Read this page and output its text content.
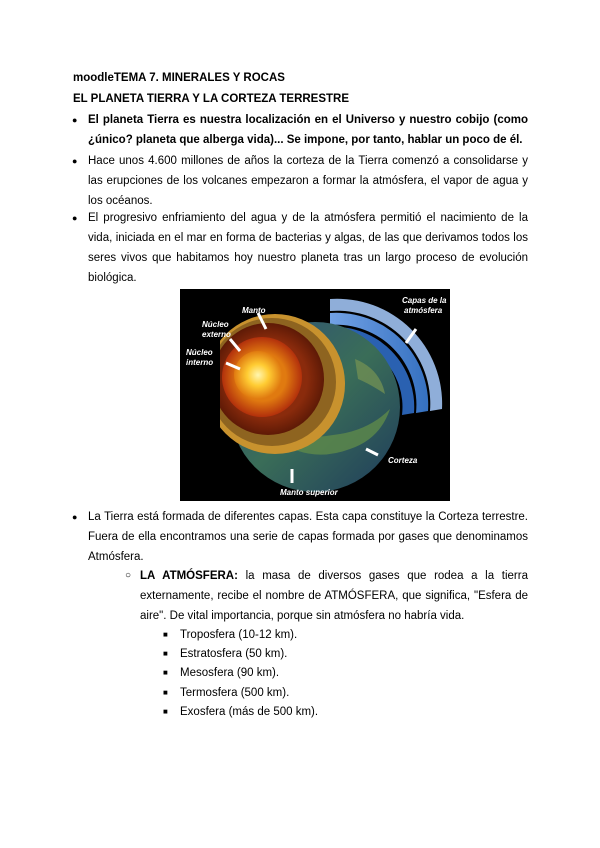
moodleTEMA 7. MINERALES Y ROCAS
EL PLANETA TIERRA Y LA CORTEZA TERRESTRE
● El planeta Tierra es nuestra localización en el Universo y nuestro cobijo (como ¿único? planeta que alberga vida)... Se impone, por tanto, hablar un poco de él.
● Hace unos 4.600 millones de años la corteza de la Tierra comenzó a consolidarse y las erupciones de los volcanes empezaron a formar la atmósfera, el vapor de agua y los océanos.
● El progresivo enfriamiento del agua y de la atmósfera permitió el nacimiento de la vida, iniciada en el mar en forma de bacterias y algas, de las que derivamos todos los seres vivos que habitamos hoy nuestro planeta tras un largo proceso de evolución biológica.
Manto
Núcleo externo
Núcleo interno
Capas de la atmósfera
Corteza
Manto superior
● La Tierra está formada de diferentes capas. Esta capa constituye la Corteza terrestre. Fuera de ella encontramos una serie de capas formada por gases que denominamos Atmósfera.
○ LA ATMÓSFERA: la masa de diversos gases que rodea a la tierra externamente, recibe el nombre de ATMÓSFERA, que significa, "Esfera de aire". De vital importancia, porque sin atmósfera no habría vida.
■ Troposfera (10-12 km).
■ Estratosfera (50 km).
■ Mesosfera (90 km).
■ Termosfera (500 km).
■ Exosfera (más de 500 km).
